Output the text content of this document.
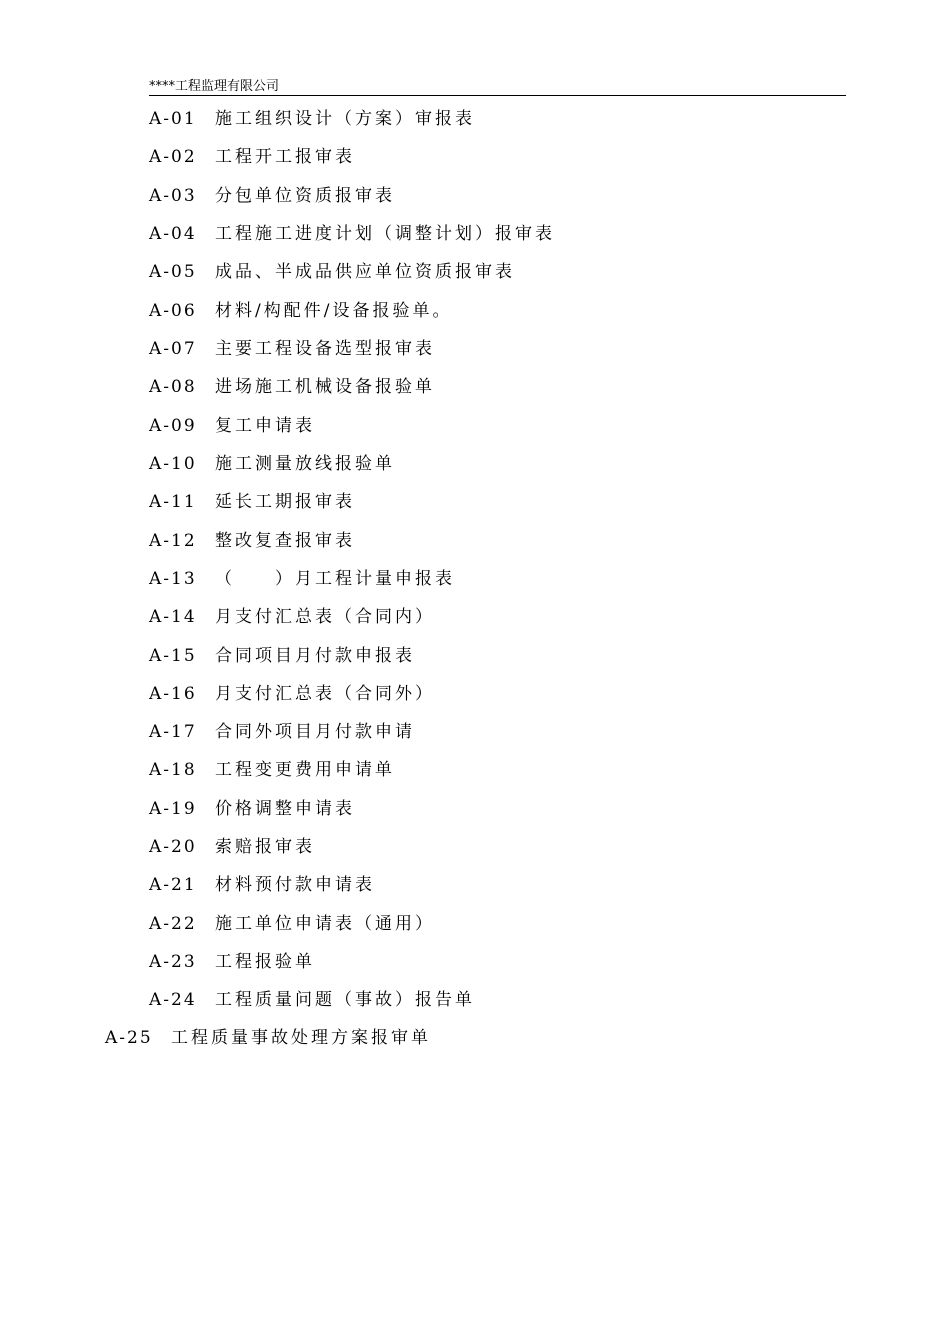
****工程监理有限公司
A-01 施工组织设计（方案）审报表
A-02 工程开工报审表
A-03 分包单位资质报审表
A-04 工程施工进度计划（调整计划）报审表
A-05 成品、半成品供应单位资质报审表
A-06 材料/构配件/设备报验单。
A-07 主要工程设备选型报审表
A-08 进场施工机械设备报验单
A-09 复工申请表
A-10 施工测量放线报验单
A-11 延长工期报审表
A-12 整改复查报审表
A-13 （　　）月工程计量申报表
A-14 月支付汇总表（合同内）
A-15 合同项目月付款申报表
A-16 月支付汇总表（合同外）
A-17 合同外项目月付款申请
A-18 工程变更费用申请单
A-19 价格调整申请表
A-20 索赔报审表
A-21 材料预付款申请表
A-22 施工单位申请表（通用）
A-23 工程报验单
A-24 工程质量问题（事故）报告单
A-25 工程质量事故处理方案报审单
